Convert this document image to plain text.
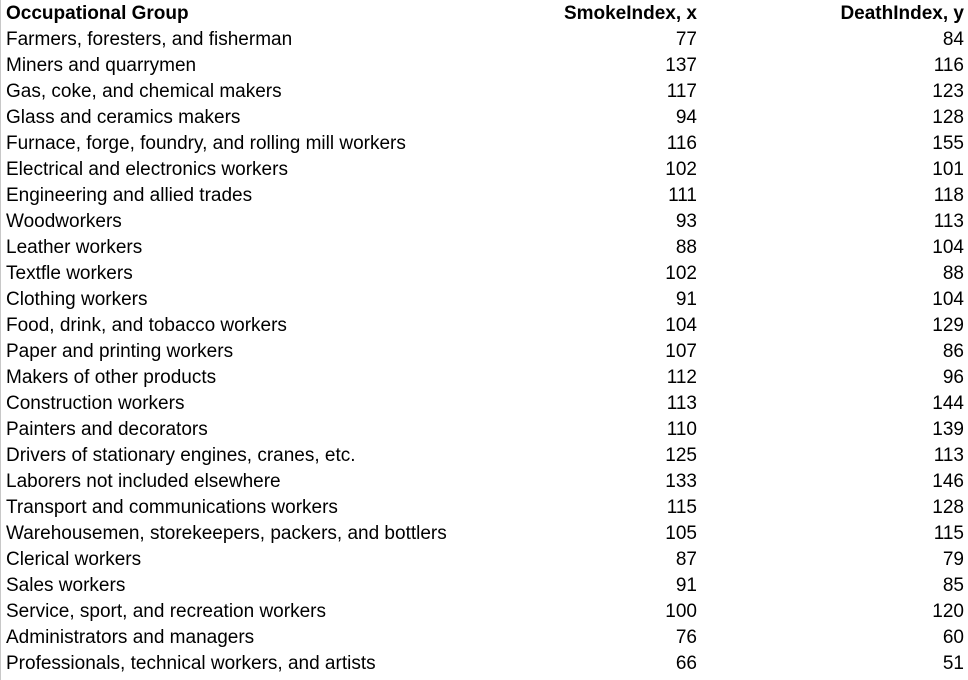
Occupational Group	SmokeIndex, x	DeathIndex, y
Farmers, foresters, and fisherman	77	84
Miners and quarrymen	137	116
Gas, coke, and chemical makers	117	123
Glass and ceramics makers	94	128
Furnace, forge, foundry, and rolling mill workers	116	155
Electrical and electronics workers	102	101
Engineering and allied trades	111	118
Woodworkers	93	113
Leather workers	88	104
Textfle workers	102	88
Clothing workers	91	104
Food, drink, and tobacco workers	104	129
Paper and printing workers	107	86
Makers of other products	112	96
Construction workers	113	144
Painters and decorators	110	139
Drivers of stationary engines, cranes, etc.	125	113
Laborers not included elsewhere	133	146
Transport and communications workers	115	128
Warehousemen, storekeepers, packers, and bottlers	105	115
Clerical workers	87	79
Sales workers	91	85
Service, sport, and recreation workers	100	120
Administrators and managers	76	60
Professionals, technical workers, and artists	66	51
